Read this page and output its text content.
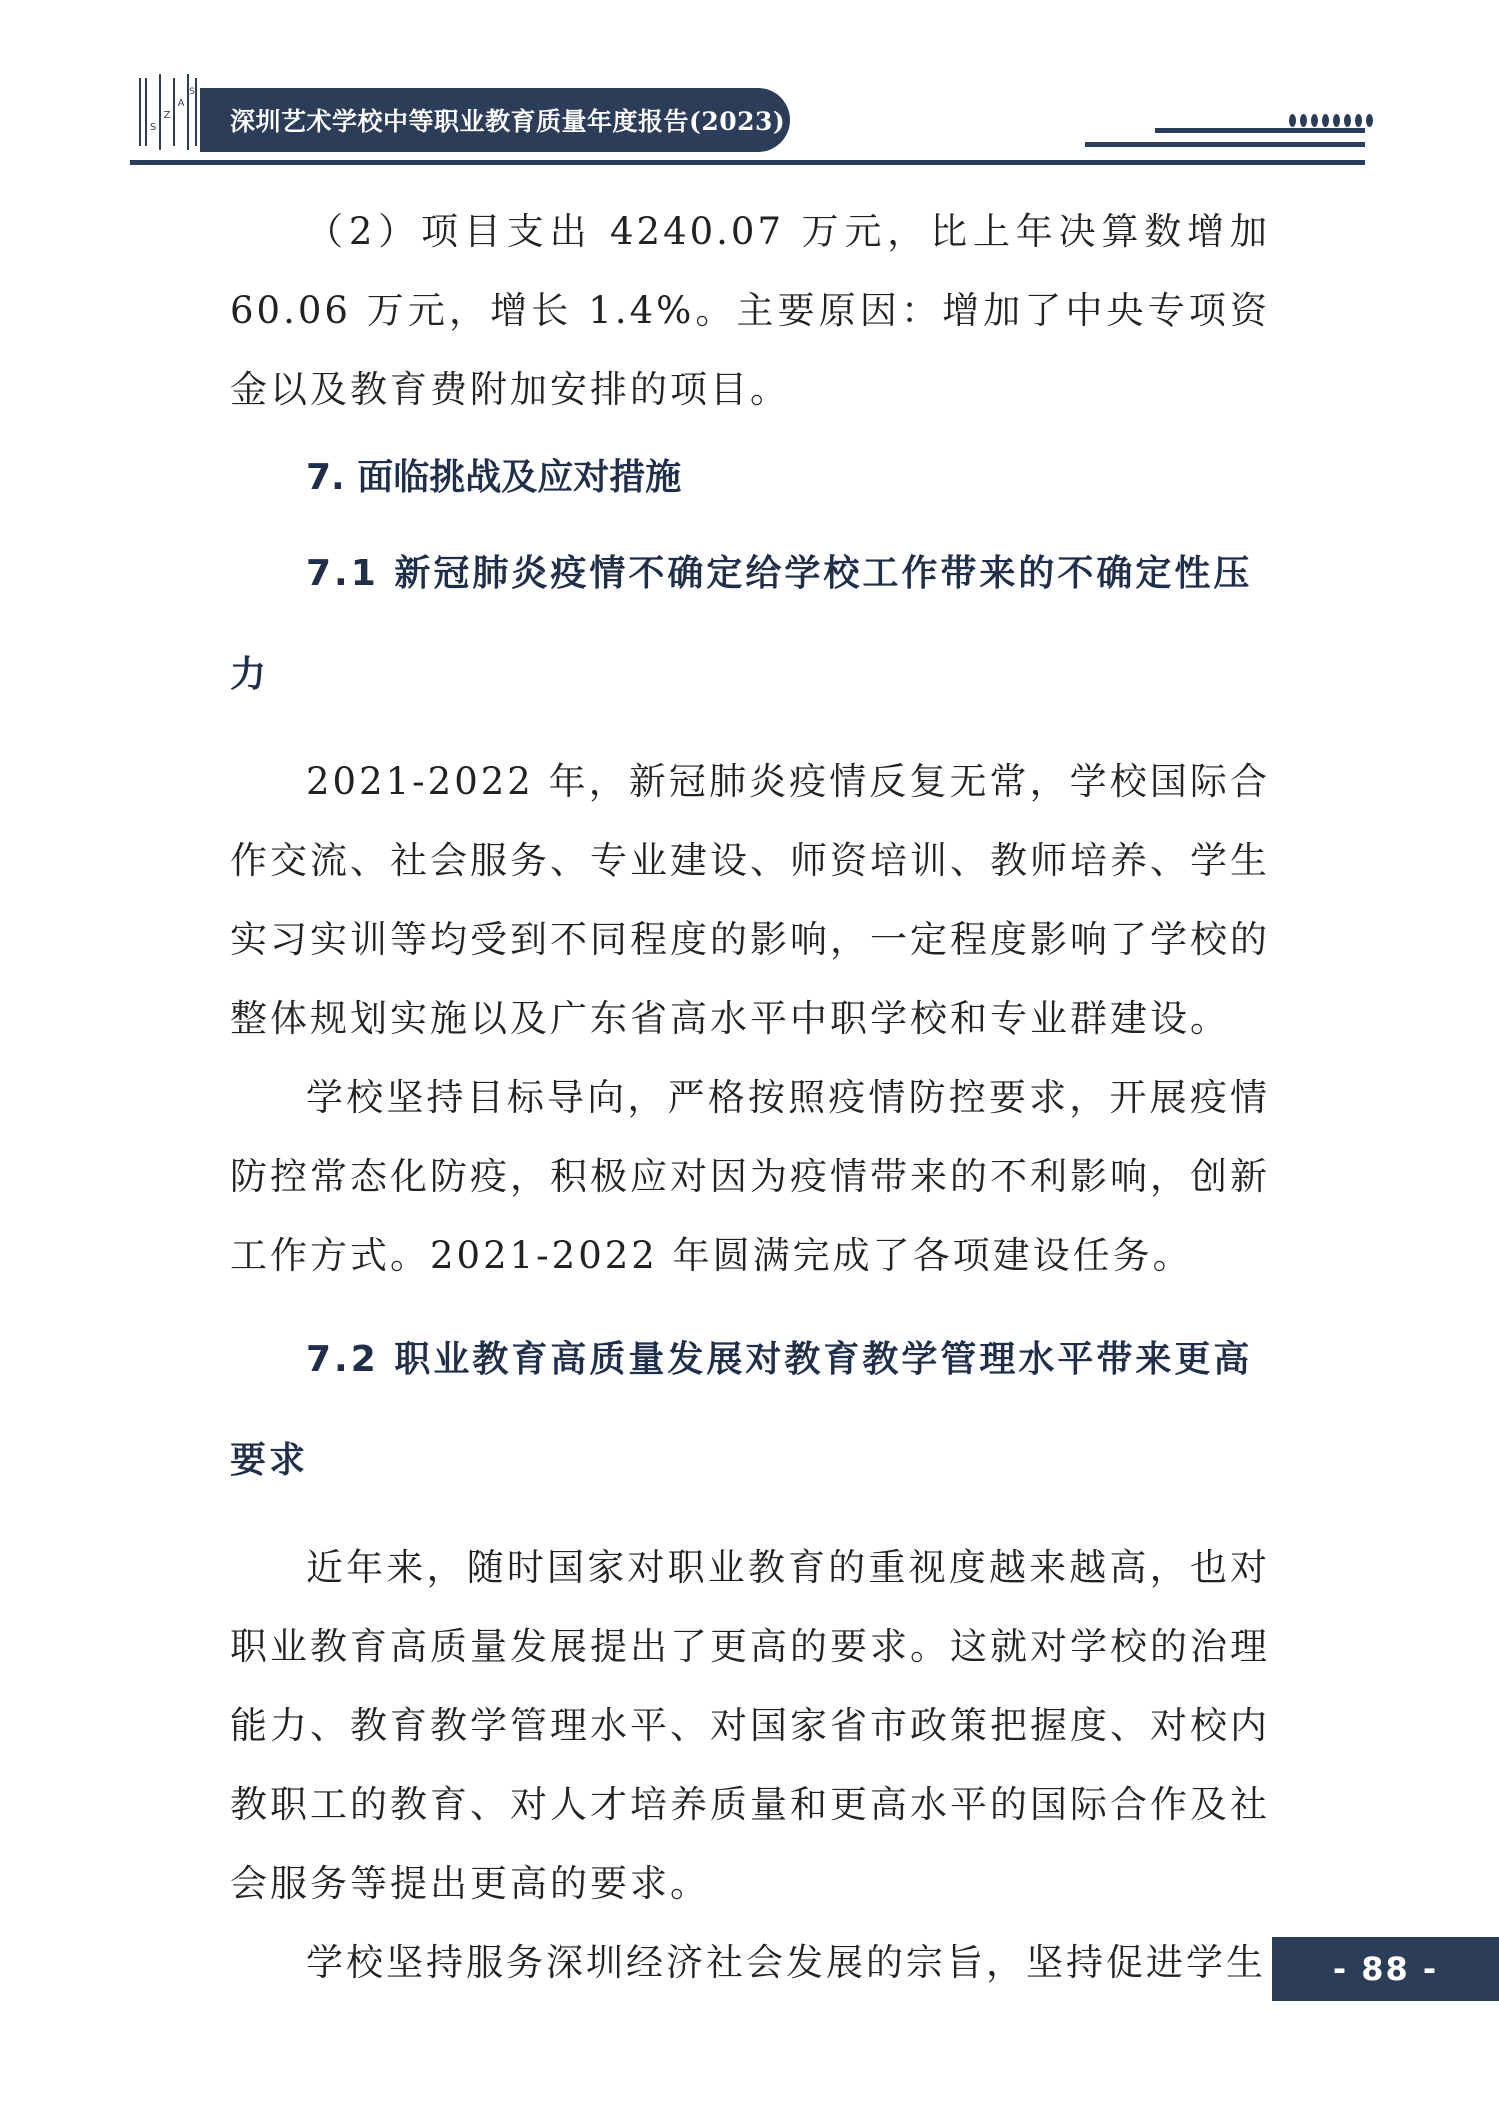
S
Z
A
S
深圳艺术学校中等职业教育质量年度报告(2023)

（2）项目支出 4240.07 万元，比上年决算数增加 60.06 万元，增长 1.4%。主要原因：增加了中央专项资金以及教育费附加安排的项目。

7. 面临挑战及应对措施
7.1 新冠肺炎疫情不确定给学校工作带来的不确定性压力

2021-2022 年，新冠肺炎疫情反复无常，学校国际合作交流、社会服务、专业建设、师资培训、教师培养、学生实习实训等均受到不同程度的影响，一定程度影响了学校的整体规划实施以及广东省高水平中职学校和专业群建设。

学校坚持目标导向，严格按照疫情防控要求，开展疫情防控常态化防疫，积极应对因为疫情带来的不利影响，创新工作方式。2021-2022 年圆满完成了各项建设任务。

7.2 职业教育高质量发展对教育教学管理水平带来更高要求

近年来，随时国家对职业教育的重视度越来越高，也对职业教育高质量发展提出了更高的要求。这就对学校的治理能力、教育教学管理水平、对国家省市政策把握度、对校内教职工的教育、对人才培养质量和更高水平的国际合作及社会服务等提出更高的要求。

学校坚持服务深圳经济社会发展的宗旨，坚持促进学生 - 88 -
